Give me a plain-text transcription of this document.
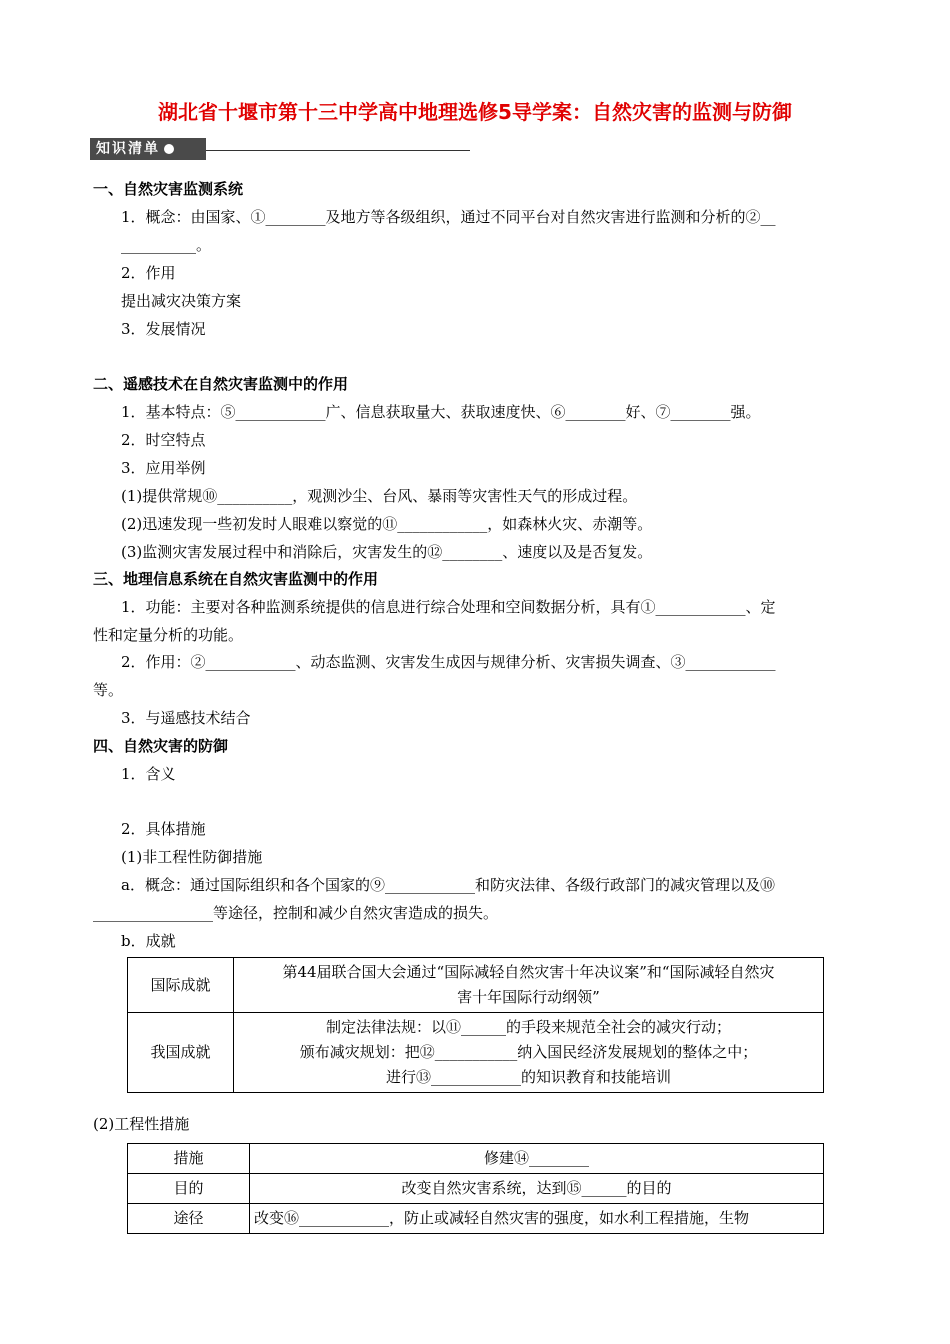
湖北省十堰市第十三中学高中地理选修5导学案：自然灾害的监测与防御
知识清单
一、自然灾害监测系统
1．概念：由国家、①________及地方等各级组织，通过不同平台对自然灾害进行监测和分析的②__
__________。
2．作用
提出减灾决策方案
3．发展情况
二、遥感技术在自然灾害监测中的作用
1．基本特点：⑤____________广、信息获取量大、获取速度快、⑥________好、⑦________强。
2．时空特点
3．应用举例
(1)提供常规⑩__________，观测沙尘、台风、暴雨等灾害性天气的形成过程。
(2)迅速发现一些初发时人眼难以察觉的⑪____________，如森林火灾、赤潮等。
(3)监测灾害发展过程中和消除后，灾害发生的⑫________、速度以及是否复发。
三、地理信息系统在自然灾害监测中的作用
1．功能：主要对各种监测系统提供的信息进行综合处理和空间数据分析，具有①____________、定
性和定量分析的功能。
2．作用：②____________、动态监测、灾害发生成因与规律分析、灾害损失调查、③____________
等。
3．与遥感技术结合
四、自然灾害的防御
1．含义
2．具体措施
(1)非工程性防御措施
a．概念：通过国际组织和各个国家的⑨____________和防灾法律、各级行政部门的减灾管理以及⑩
________________等途径，控制和减少自然灾害造成的损失。
b．成就
国际成就	第44届联合国大会通过“国际减轻自然灾害十年决议案”和“国际减轻自然灾
害十年国际行动纲领”

我国成就	制定法律法规：以⑪______的手段来规范全社会的减灾行动；
颁布减灾规划：把⑫___________纳入国民经济发展规划的整体之中；
进行⑬____________的知识教育和技能培训
(2)工程性措施
措施	修建⑭________
目的	改变自然灾害系统，达到⑮______的目的
途径	改变⑯____________，防止或减轻自然灾害的强度，如水利工程措施，生物
